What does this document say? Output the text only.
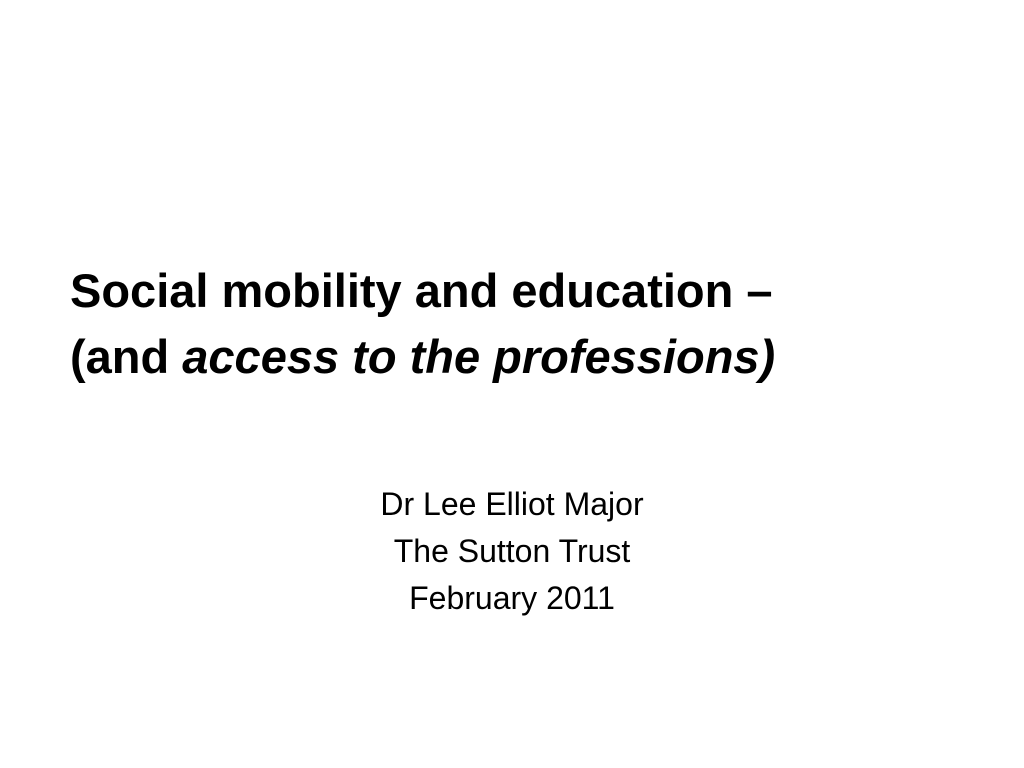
Social mobility and education –
(and access to the professions)
Dr Lee Elliot Major
The Sutton Trust
February 2011
